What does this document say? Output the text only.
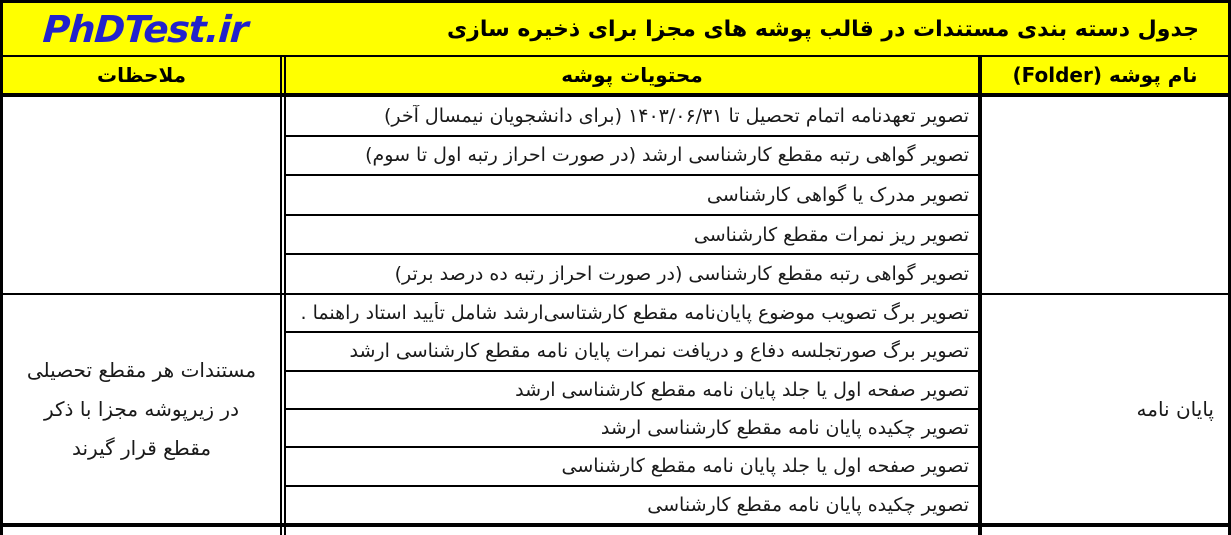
جدول دسته بندی مستندات در قالب پوشه های مجزا برای ذخیره سازی
PhDTest.ir
نام پوشه (Folder)
محتویات پوشه
ملاحظات
تصویر تعهدنامه اتمام تحصیل تا ۱۴۰۳/۰۶/۳۱ (برای دانشجویان نیمسال آخر)
تصویر گواهی رتبه مقطع کارشناسی ارشد (در صورت احراز رتبه اول تا سوم)
تصویر مدرک یا گواهی کارشناسی
تصویر ریز نمرات مقطع کارشناسی
تصویر گواهی رتبه مقطع کارشناسی (در صورت احراز رتبه ده درصد برتر)
پایان نامه
تصویر برگ تصویب موضوع پایان‌نامه مقطع کارشتاسی‌ارشد شامل تأیید استاد راهنما .
تصویر برگ صورتجلسه دفاع و دریافت نمرات پایان نامه مقطع کارشناسی ارشد
تصویر صفحه اول یا جلد پایان نامه مقطع کارشناسی ارشد
تصویر چکیده پایان نامه مقطع کارشناسی ارشد
تصویر صفحه اول یا جلد پایان نامه مقطع کارشناسی
تصویر چکیده پایان نامه مقطع کارشناسی
مستندات هر مقطع تحصیلی در زیرپوشه مجزا با ذکر مقطع قرار گیرند
